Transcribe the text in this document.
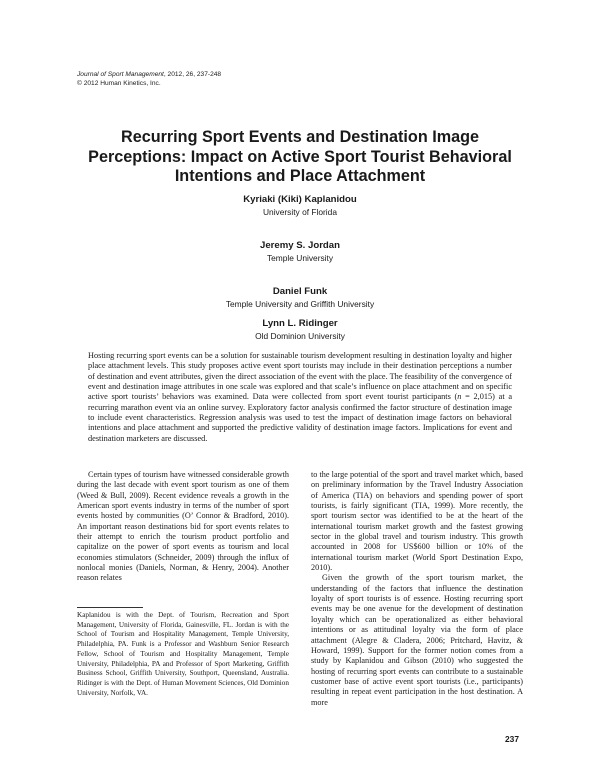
Journal of Sport Management, 2012, 26, 237-248
© 2012 Human Kinetics, Inc.
Recurring Sport Events and Destination Image
Perceptions: Impact on Active Sport Tourist Behavioral
Intentions and Place Attachment
Kyriaki (Kiki) Kaplanidou
University of Florida
Jeremy S. Jordan
Temple University
Daniel Funk
Temple University and Griffith University
Lynn L. Ridinger
Old Dominion University
Hosting recurring sport events can be a solution for sustainable tourism development resulting in destination loyalty and higher place attachment levels. This study proposes active event sport tourists may include in their destination perceptions a number of destination and event attributes, given the direct association of the event with the place. The feasibility of the convergence of event and destination image attributes in one scale was explored and that scale’s influence on place attachment and on specific active sport tourists’ behaviors was examined. Data were collected from sport event tourist participants (n = 2,015) at a recurring marathon event via an online survey. Exploratory factor analysis confirmed the factor structure of destination image to include event characteristics. Regression analysis was used to test the impact of destination image factors on behavioral intentions and place attachment and supported the predictive validity of destination image factors. Implications for event and destination marketers are discussed.

Certain types of tourism have witnessed considerable growth during the last decade with event sport tourism as one of them (Weed & Bull, 2009). Recent evidence reveals a growth in the American sport events industry in terms of the number of sport events hosted by communities (O’ Connor & Bradford, 2010). An important reason destinations bid for sport events relates to their attempt to enrich the tourism product portfolio and capitalize on the power of sport events as tourism and local economies stimulators (Schneider, 2009) through the influx of nonlocal monies (Daniels, Norman, & Henry, 2004). Another reason relates

to the large potential of the sport and travel market which, based on preliminary information by the Travel Industry Association of America (TIA) on behaviors and spending power of sport tourists, is fairly significant (TIA, 1999). More recently, the sport tourism sector was identified to be at the heart of the international tourism market growth and the fastest growing sector in the global travel and tourism industry. This growth accounted in 2008 for US$600 billion or 10% of the international tourism market (World Sport Destination Expo, 2010).

Given the growth of the sport tourism market, the understanding of the factors that influence the destination loyalty of sport tourists is of essence. Hosting recurring sport events may be one avenue for the development of destination loyalty which can be operationalized as either behavioral intentions or as attitudinal loyalty via the form of place attachment (Alegre & Cladera, 2006; Pritchard, Havitz, & Howard, 1999). Support for the former notion comes from a study by Kaplanidou and Gibson (2010) who suggested the hosting of recurring sport events can contribute to a sustainable customer base of active event sport tourists (i.e., participants) resulting in repeat event participation in the host destination. A more

Kaplanidou is with the Dept. of Tourism, Recreation and Sport Management, University of Florida, Gainesville, FL. Jordan is with the School of Tourism and Hospitality Management, Temple University, Philadelphia, PA. Funk is a Professor and Washburn Senior Research Fellow, School of Tourism and Hospitality Management, Temple University, Philadelphia, PA and Professor of Sport Marketing, Griffith Business School, Griffith University, Southport, Queensland, Australia. Ridinger is with the Dept. of Human Movement Sciences, Old Dominion University, Norfolk, VA.
237
